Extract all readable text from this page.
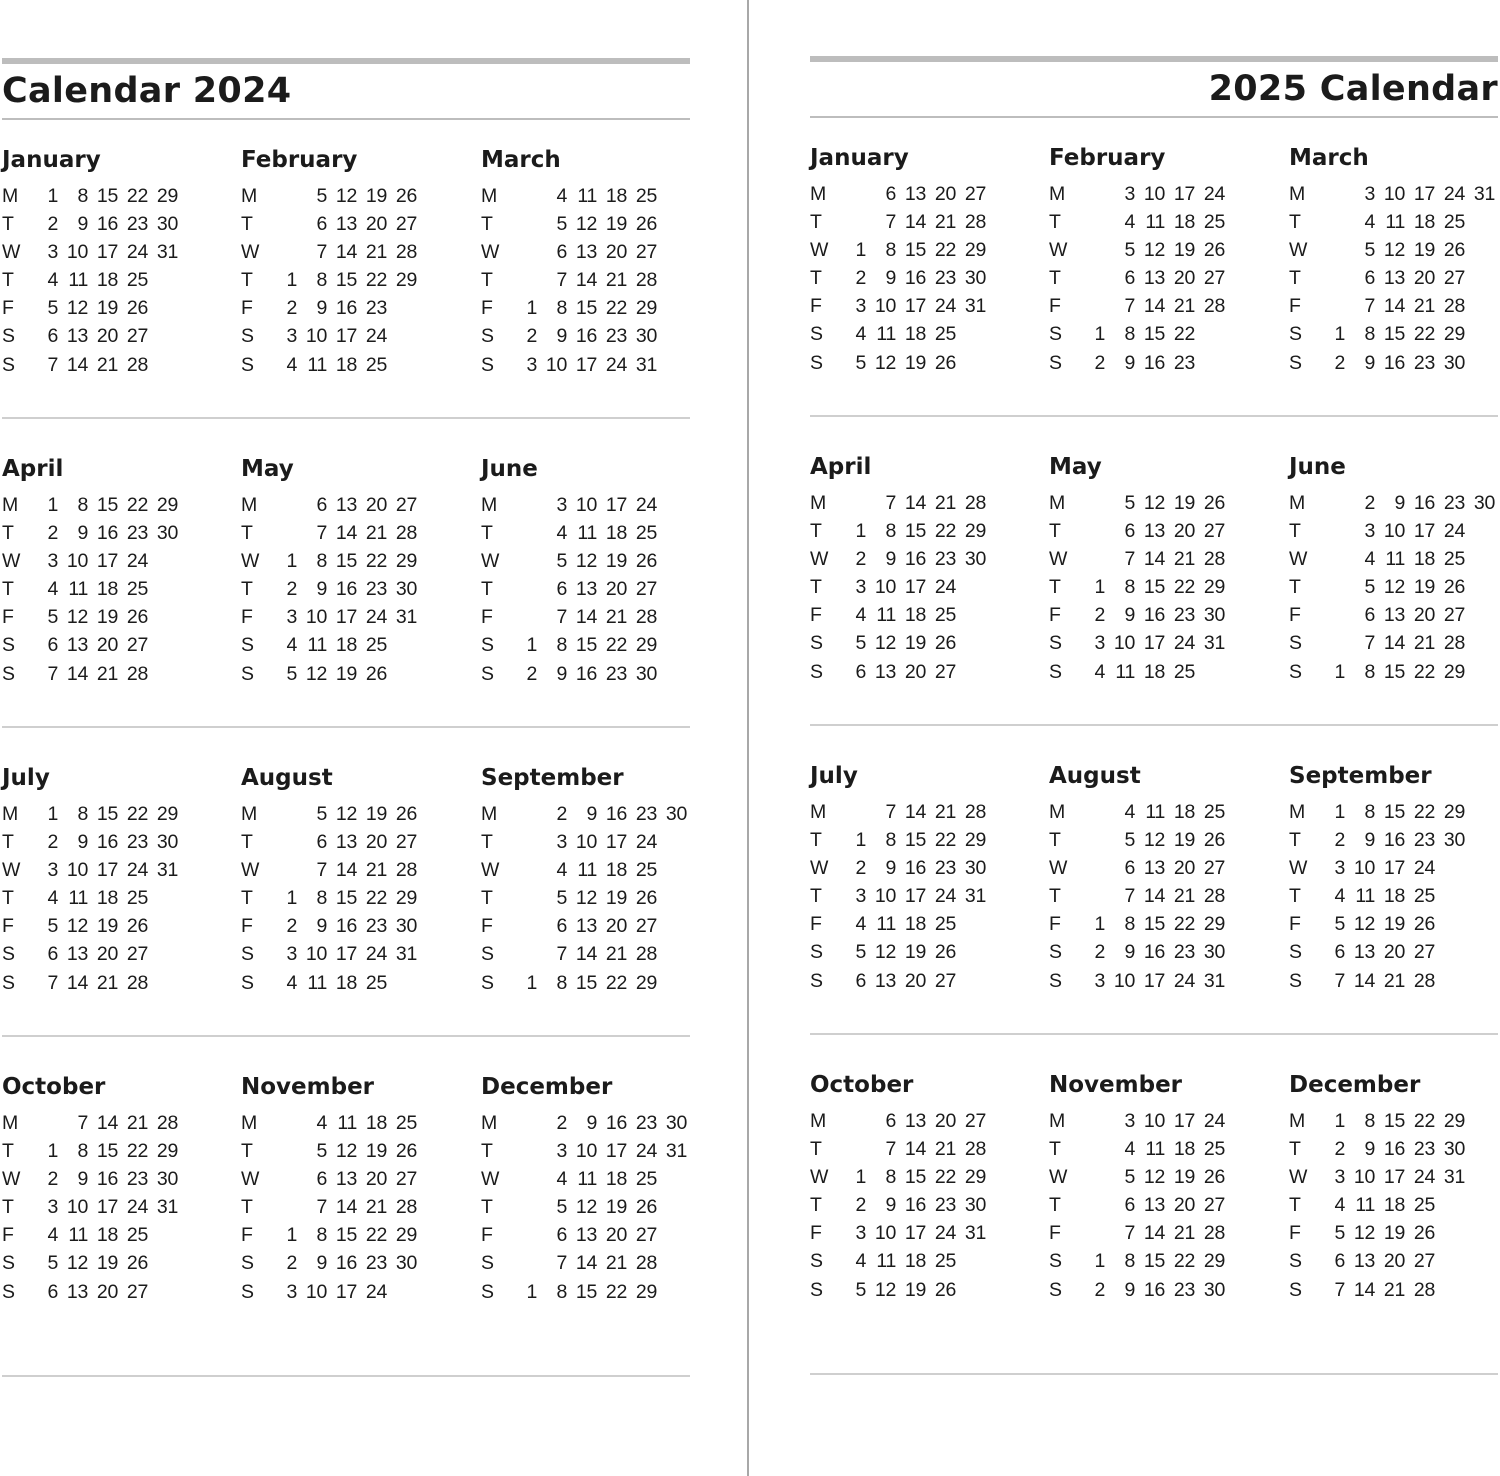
Calendar 2024
January
M	1 8 15 22 29
T	2 9 16 23 30
W	3 10 17 24 31
T	4 11 18 25
F	5 12 19 26
S	6 13 20 27
S	7 14 21 28
February
M	5 12 19 26
T	6 13 20 27
W	7 14 21 28
T	1 8 15 22 29
F	2 9 16 23
S	3 10 17 24
S	4 11 18 25
March
M	4 11 18 25
T	5 12 19 26
W	6 13 20 27
T	7 14 21 28
F	1 8 15 22 29
S	2 9 16 23 30
S	3 10 17 24 31
April
M	1 8 15 22 29
T	2 9 16 23 30
W	3 10 17 24
T	4 11 18 25
F	5 12 19 26
S	6 13 20 27
S	7 14 21 28
May
M	6 13 20 27
T	7 14 21 28
W	1 8 15 22 29
T	2 9 16 23 30
F	3 10 17 24 31
S	4 11 18 25
S	5 12 19 26
June
M	3 10 17 24
T	4 11 18 25
W	5 12 19 26
T	6 13 20 27
F	7 14 21 28
S	1 8 15 22 29
S	2 9 16 23 30
July
M	1 8 15 22 29
T	2 9 16 23 30
W	3 10 17 24 31
T	4 11 18 25
F	5 12 19 26
S	6 13 20 27
S	7 14 21 28
August
M	5 12 19 26
T	6 13 20 27
W	7 14 21 28
T	1 8 15 22 29
F	2 9 16 23 30
S	3 10 17 24 31
S	4 11 18 25
September
M	2 9 16 23 30
T	3 10 17 24
W	4 11 18 25
T	5 12 19 26
F	6 13 20 27
S	7 14 21 28
S	1 8 15 22 29
October
M	7 14 21 28
T	1 8 15 22 29
W	2 9 16 23 30
T	3 10 17 24 31
F	4 11 18 25
S	5 12 19 26
S	6 13 20 27
November
M	4 11 18 25
T	5 12 19 26
W	6 13 20 27
T	7 14 21 28
F	1 8 15 22 29
S	2 9 16 23 30
S	3 10 17 24
December
M	2 9 16 23 30
T	3 10 17 24 31
W	4 11 18 25
T	5 12 19 26
F	6 13 20 27
S	7 14 21 28
S	1 8 15 22 29
2025 Calendar
January
M	6 13 20 27
T	7 14 21 28
W	1 8 15 22 29
T	2 9 16 23 30
F	3 10 17 24 31
S	4 11 18 25
S	5 12 19 26
February
M	3 10 17 24
T	4 11 18 25
W	5 12 19 26
T	6 13 20 27
F	7 14 21 28
S	1 8 15 22
S	2 9 16 23
March
M	3 10 17 24 31
T	4 11 18 25
W	5 12 19 26
T	6 13 20 27
F	7 14 21 28
S	1 8 15 22 29
S	2 9 16 23 30
April
M	7 14 21 28
T	1 8 15 22 29
W	2 9 16 23 30
T	3 10 17 24
F	4 11 18 25
S	5 12 19 26
S	6 13 20 27
May
M	5 12 19 26
T	6 13 20 27
W	7 14 21 28
T	1 8 15 22 29
F	2 9 16 23 30
S	3 10 17 24 31
S	4 11 18 25
June
M	2 9 16 23 30
T	3 10 17 24
W	4 11 18 25
T	5 12 19 26
F	6 13 20 27
S	7 14 21 28
S	1 8 15 22 29
July
M	7 14 21 28
T	1 8 15 22 29
W	2 9 16 23 30
T	3 10 17 24 31
F	4 11 18 25
S	5 12 19 26
S	6 13 20 27
August
M	4 11 18 25
T	5 12 19 26
W	6 13 20 27
T	7 14 21 28
F	1 8 15 22 29
S	2 9 16 23 30
S	3 10 17 24 31
September
M	1 8 15 22 29
T	2 9 16 23 30
W	3 10 17 24
T	4 11 18 25
F	5 12 19 26
S	6 13 20 27
S	7 14 21 28
October
M	6 13 20 27
T	7 14 21 28
W	1 8 15 22 29
T	2 9 16 23 30
F	3 10 17 24 31
S	4 11 18 25
S	5 12 19 26
November
M	3 10 17 24
T	4 11 18 25
W	5 12 19 26
T	6 13 20 27
F	7 14 21 28
S	1 8 15 22 29
S	2 9 16 23 30
December
M	1 8 15 22 29
T	2 9 16 23 30
W	3 10 17 24 31
T	4 11 18 25
F	5 12 19 26
S	6 13 20 27
S	7 14 21 28
